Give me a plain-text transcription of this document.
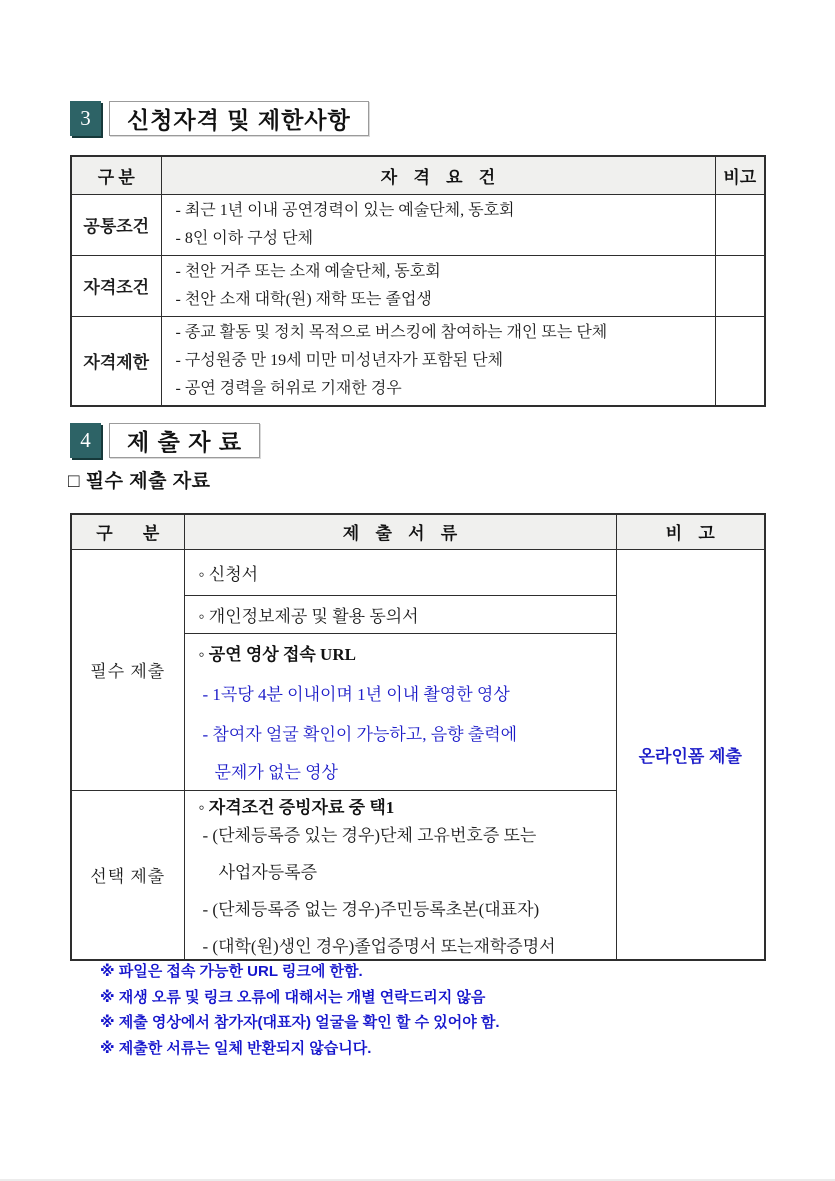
3	신청자격 및 제한사항
구 분	자 격 요 건	비고
공통조건	- 최근 1년 이내 공연경력이 있는 예술단체, 동호회
- 8인 이하 구성 단체	

자격조건	- 천안 거주 또는 소재 예술단체, 동호회
- 천안 소재 대학(원) 재학 또는 졸업생	

자격제한	- 종교 활동 및 정치 목적으로 버스킹에 참여하는 개인 또는 단체
- 구성원중 만 19세 미만 미성년자가 포함된 단체
- 공연 경력을 허위로 기재한 경우	

4	제 출 자 료
□ 필수 제출 자료
구 분	제 출 서 류	비 고
필수 제출	◦ 신청서	온라인폼 제출

	◦ 개인정보제공 및 활용 동의서	

	◦ 공연 영상 접속 URL
- 1곡당 4분 이내이며 1년 이내 촬영한 영상
- 참여자 얼굴 확인이 가능하고, 음향 출력에
문제가 없는 영상	

선택 제출	◦ 자격조건 증빙자료 중 택1
- (단체등록증 있는 경우)단체 고유번호증 또는
사업자등록증
- (단체등록증 없는 경우)주민등록초본(대표자)
- (대학(원)생인 경우)졸업증명서 또는재학증명서	
※ 파일은 접속 가능한 URL 링크에 한함.
※ 재생 오류 및 링크 오류에 대해서는 개별 연락드리지 않음
※ 제출 영상에서 참가자(대표자) 얼굴을 확인 할 수 있어야 함.
※ 제출한 서류는 일체 반환되지 않습니다.
